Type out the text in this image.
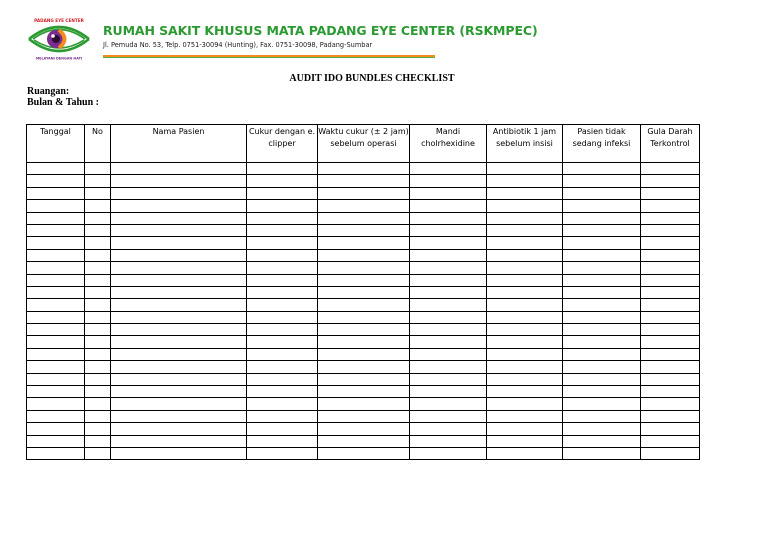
PADANG EYE CENTER
MELAYANI DENGAN HATI
RUMAH SAKIT KHUSUS MATA PADANG EYE CENTER (RSKMPEC)
Jl. Pemuda No. 53, Telp. 0751-30094 (Hunting), Fax. 0751-30098, Padang-Sumbar
AUDIT IDO BUNDLES CHECKLIST
Ruangan:
Bulan & Tahun :
Tanggal	No	Nama Pasien	Cukur dengan e. clipper	Waktu cukur (± 2 jam) sebelum operasi	Mandi cholrhexidine	Antibiotik 1 jam sebelum insisi	Pasien tidak sedang infeksi	Gula Darah Terkontrol
